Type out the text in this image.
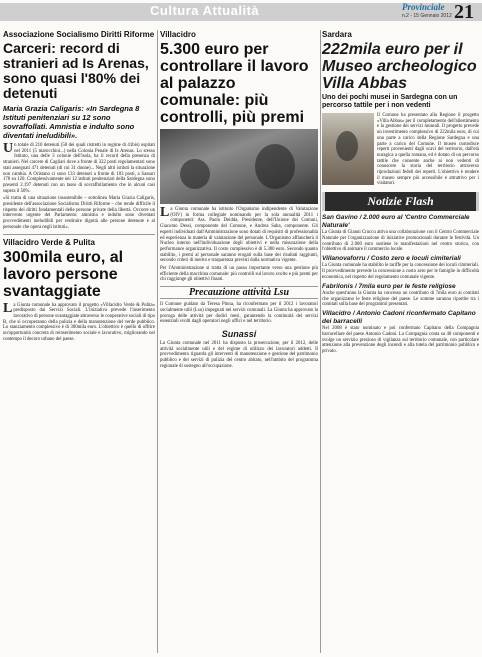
Cultura Attualità	Provinciale
n.2 - 15 Gennaio 2012 21
Associazione Socialismo Diritti Riforme
Carceri: record di stranieri ad Is Arenas, sono quasi l'80% dei detenuti
Maria Grazia Caligaris: «In Sardegna 8 Istituti penitenziari su 12 sono sovraffollati. Amnistia e indulto sono diventati ineludibili».
Un totale di 210 detenuti (58 dei quali ristretti in regime di 41bis) ospitati nel 2011 (5 marocchini...) nella Colonia Penale di Is Arenas. Lo stesso Istituto, una delle 3 colonie dell'isola, ha il record della presenza di stranieri. Nel carcere di Cagliari dove a fronte di 322 posti regolamentari sono stati assegnati 471 detenuti (di cui 31 donne)... Negli altri istituti la situazione non cambia. A Oristano ci sono 133 detenuti a fronte di 103 posti, a Sassari 178 su 120. Complessivamente nei 12 istituti penitenziari della Sardegna sono presenti 2.197 detenuti con un tasso di sovraffollamento che in alcuni casi supera il 50%.
«Si tratta di una situazione insostenibile – sottolinea Maria Grazia Caligaris, presidente dell'associazione Socialismo Diritti Riforme – che rende difficile il rispetto dei diritti fondamentali delle persone private della libertà. Occorre un intervento urgente del Parlamento: amnistia e indulto sono diventati provvedimenti ineludibili per restituire dignità alle persone detenute e al personale che opera negli istituti».
Villacidro Verde & Pulita
300mila euro, al lavoro persone svantaggiate
La Giunta comunale ha approvato il progetto «Villacidro Verde & Pulita» predisposto dai Servizi Sociali. L'iniziativa prevede l'inserimento lavorativo di persone svantaggiate attraverso le cooperative sociali di tipo B, che si occuperanno della pulizia e della manutenzione del verde pubblico. Lo stanziamento complessivo è di 300mila euro. L'obiettivo è quello di offrire un'opportunità concreta di reinserimento sociale e lavorativo, migliorando nel contempo il decoro urbano del paese.
Villacidro
5.300 euro per controllare il lavoro al palazzo comunale: più controlli, più premi
La Giunta comunale ha istituito l'Organismo indipendente di Valutazione (OIV) in forma collegiale nominando per la sola annualità 2011 i componenti: Ass. Paolo Deidda, Presidente, dell'Unione dei Comuni, Giacomo Dessì, componente del Comune, e Andrea Saba, componente. Gli esperti individuati dall'Amministrazione sono dotati di requisiti di professionalità ed esperienza in materia di valutazione del personale. L'Organismo affiancherà il Nucleo interno nell'individuazione degli obiettivi e nella misurazione della performance organizzativa. Il costo complessivo è di 5.300 euro. Secondo quanto stabilito, i premi al personale saranno erogati sulla base dei risultati raggiunti, secondo criteri di merito e trasparenza previsti dalla normativa vigente.
Per l'Amministrazione si tratta di un passo importante verso una gestione più efficiente della macchina comunale: più controlli sul lavoro svolto e più premi per chi raggiunge gli obiettivi fissati.
Precauzione attività Lsu
Il Comune guidato da Teresa Pinna, ha riconfermato per il 2012 i lavoratori socialmente utili (Lsu) impegnati nei servizi comunali. La Giunta ha approvato la proroga delle attività per dodici mesi, garantendo la continuità dei servizi essenziali svolti dagli operatori negli uffici e nel territorio.
Sunassi
La Giunta comunale nel 2011 ha disposto la prosecuzione, per il 2012, delle attività socialmente utili e del regime di utilizzo dei lavoratori addetti. Il provvedimento riguarda gli interventi di manutenzione e gestione del patrimonio pubblico e dei servizi di pulizia del centro abitato, nell'ambito del programma regionale di sostegno all'occupazione.
Sardara
222mila euro per il Museo archeologico Villa Abbas
Uno dei pochi musei in Sardegna con un percorso tattile per i non vedenti
Il Comune ha presentato alla Regione il progetto «Villa Abbas» per il completamento dell'allestimento e la gestione dei servizi museali. Il progetto prevede un investimento complessivo di 222mila euro, di cui una parte a carico della Regione Sardegna e una parte a carico del Comune. Il museo custodisce reperti provenienti dagli scavi del territorio, dall'età nuragica a quella romana, ed è dotato di un percorso tattile che consente anche ai non vedenti di conoscere la storia del territorio attraverso riproduzioni fedeli dei reperti. L'obiettivo è rendere il museo sempre più accessibile e attrattivo per i visitatori.
Notizie Flash
San Gavino / 2.000 euro al 'Centro Commerciale Naturale'
La Giunta di Gianni Cruccu attiva una collaborazione con il Centro Commerciale Naturale per l'organizzazione di iniziative promozionali durante le festività. Un contributo di 2.000 euro sostiene le manifestazioni nel centro storico, con l'obiettivo di animare il commercio locale.
Villanovaforru / Costo zero e loculi cimiteriali
La Giunta comunale ha stabilito le tariffe per la concessione dei loculi cimiteriali. Il provvedimento prevede la concessione a costo zero per le famiglie in difficoltà economica, nel rispetto del regolamento comunale vigente.
Fabrilonis / 7mila euro per le feste religiose
Anche quest'anno la Giunta ha concesso un contributo di 7mila euro ai comitati che organizzano le feste religiose del paese. Le somme saranno ripartite tra i comitati sulla base dei programmi presentati.
Villacidro / Antonio Cadoni riconfermato Capitano dei barracelli
Nel 2008 è stato nominato e poi confermato Capitano della Compagnia barracellare del paese Antonio Cadoni. La Compagnia conta su 40 componenti e svolge un servizio prezioso di vigilanza sul territorio comunale, con particolare attenzione alla prevenzione degli incendi e alla tutela del patrimonio pubblico e privato.
